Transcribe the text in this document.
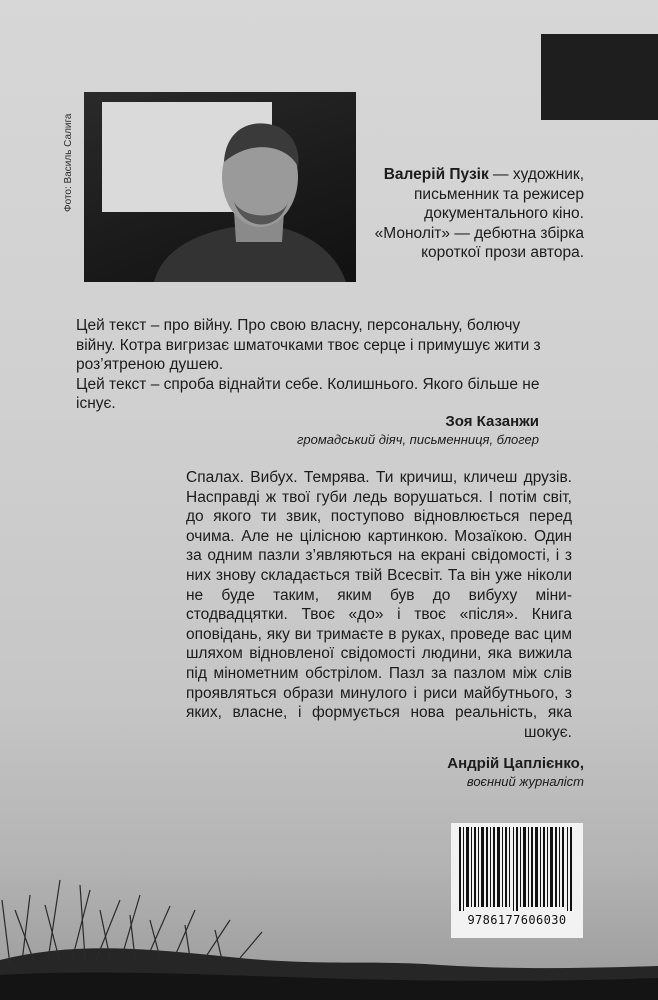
Фото: Василь Салига	Валерій Пузік — художник, письменник та режисер документального кіно. «Моноліт» — дебютна збірка короткої прози автора.

Цей текст – про війну. Про свою власну, персональну, болючу війну. Котра вигризає шматочками твоє серце і примушує жити з роз’ятреною душею.

Цей текст – спроба віднайти себе. Колишнього. Якого більше не існує.

Зоя Казанжи
громадський діяч, письменниця, блогер
Спалах. Вибух. Темрява. Ти кричиш, кличеш друзів. Насправді ж твої губи ледь ворушаться. І потім світ, до якого ти звик, поступово відновлюється перед очима. Але не цілісною картинкою. Мозаїкою. Один за одним пазли з’являються на екрані свідомості, і з них знову складається твій Всесвіт. Та він уже ніколи не буде таким, яким був до вибуху міни-стодвадцятки. Твоє «до» і твоє «після». Книга оповідань, яку ви тримаєте в руках, проведе вас цим шляхом відновленої свідомості людини, яка вижила під мінометним обстрілом. Пазл за пазлом між слів проявляться образи минулого і риси майбутнього, з яких, власне, і формується нова реальність, яка шокує.
Андрій Цаплієнко,
воєнний журналіст
9786177606030
